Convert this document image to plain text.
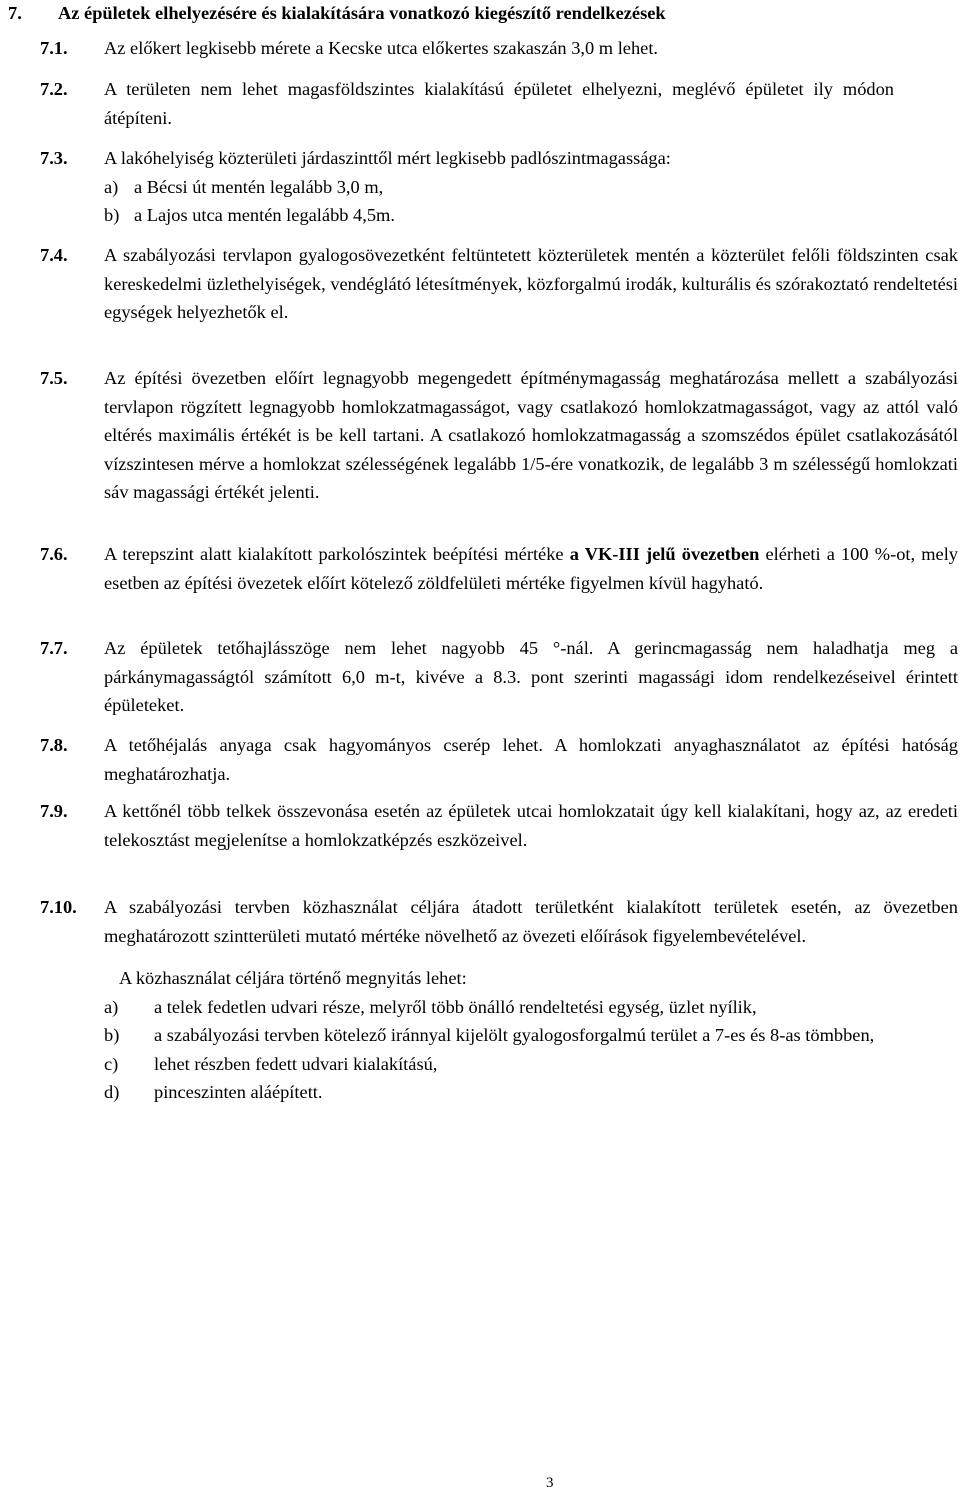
7. Az épületek elhelyezésére és kialakítására vonatkozó kiegészítő rendelkezések
7.1. Az előkert legkisebb mérete a Kecske utca előkertes szakaszán 3,0 m lehet.

7.2. A területen nem lehet magasföldszintes kialakítású épületet elhelyezni, meglévő épületet ily módon átépíteni.

7.3. A lakóhelyiség közterületi járdaszinttől mért legkisebb padlószintmagassága:

a) a Bécsi út mentén legalább 3,0 m,
b) a Lajos utca mentén legalább 4,5m.
7.4. A szabályozási tervlapon gyalogosövezetként feltüntetett közterületek mentén a közterület felőli földszinten csak kereskedelmi üzlethelyiségek, vendéglátó létesítmények, közforgalmú irodák, kulturális és szórakoztató rendeltetési egységek helyezhetők el.

7.5. Az építési övezetben előírt legnagyobb megengedett építménymagasság meghatározása mellett a szabályozási tervlapon rögzített legnagyobb homlokzatmagasságot, vagy csatlakozó homlokzatmagasságot, vagy az attól való eltérés maximális értékét is be kell tartani. A csatlakozó homlokzatmagasság a szomszédos épület csatlakozásától vízszintesen mérve a homlokzat szélességének legalább 1/5-ére vonatkozik, de legalább 3 m szélességű homlokzati sáv magassági értékét jelenti.

7.6. A terepszint alatt kialakított parkolószintek beépítési mértéke a VK-III jelű övezetben elérheti a 100 %-ot, mely esetben az építési övezetek előírt kötelező zöldfelületi mértéke figyelmen kívül hagyható.

7.7. Az épületek tetőhajlásszöge nem lehet nagyobb 45 °-nál. A gerincmagasság nem haladhatja meg a párkánymagasságtól számított 6,0 m-t, kivéve a 8.3. pont szerinti magassági idom rendelkezéseivel érintett épületeket.

7.8. A tetőhéjalás anyaga csak hagyományos cserép lehet. A homlokzati anyaghasználatot az építési hatóság meghatározhatja.

7.9. A kettőnél több telkek összevonása esetén az épületek utcai homlokzatait úgy kell kialakítani, hogy az, az eredeti telekosztást megjelenítse a homlokzatképzés eszközeivel.

7.10. A szabályozási tervben közhasználat céljára átadott területként kialakított területek esetén, az övezetben meghatározott szintterületi mutató mértéke növelhető az övezeti előírások figyelembevételével.

A közhasználat céljára történő megnyitás lehet:

a) a telek fedetlen udvari része, melyről több önálló rendeltetési egység, üzlet nyílik,
b) a szabályozási tervben kötelező iránnyal kijelölt gyalogosforgalmú terület a 7-es és 8-as tömbben,
c) lehet részben fedett udvari kialakítású,
d) pinceszinten aláépített.
3
